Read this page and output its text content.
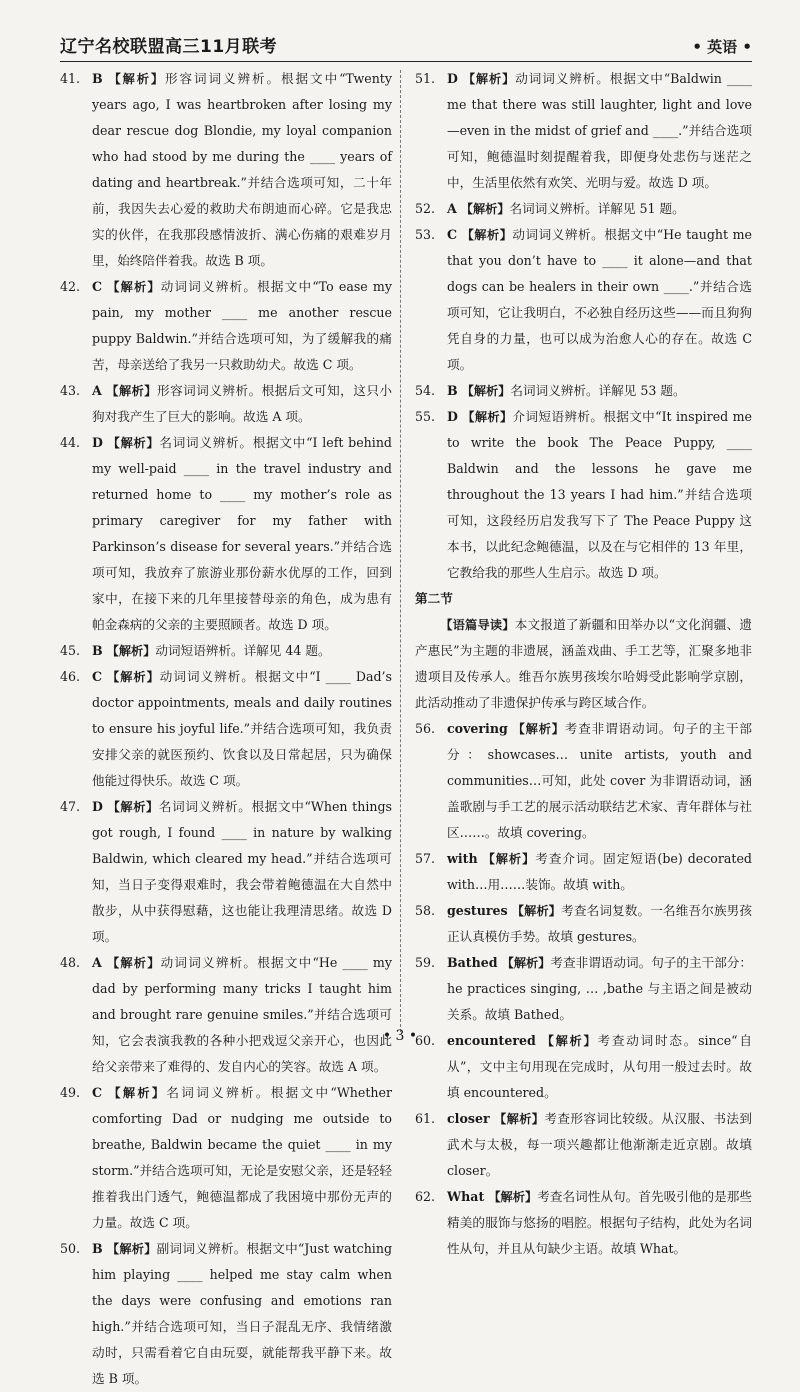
辽宁名校联盟高三11月联考	• 英语 •
41. B 【解析】形容词词义辨析。根据文中“Twenty years ago, I was heartbroken after losing my dear rescue dog Blondie, my loyal companion who had stood by me during the ____ years of dating and heartbreak.”并结合选项可知，二十年前，我因失去心爱的救助犬布朗迪而心碎。它是我忠实的伙伴，在我那段感情波折、满心伤痛的艰难岁月里，始终陪伴着我。故选 B 项。
42. C 【解析】动词词义辨析。根据文中“To ease my pain, my mother ____ me another rescue puppy Baldwin.”并结合选项可知，为了缓解我的痛苦，母亲送给了我另一只救助幼犬。故选 C 项。
43. A 【解析】形容词词义辨析。根据后文可知，这只小狗对我产生了巨大的影响。故选 A 项。
44. D 【解析】名词词义辨析。根据文中“I left behind my well-paid ____ in the travel industry and returned home to ____ my mother’s role as primary caregiver for my father with Parkinson’s disease for several years.”并结合选项可知，我放弃了旅游业那份薪水优厚的工作，回到家中，在接下来的几年里接替母亲的角色，成为患有帕金森病的父亲的主要照顾者。故选 D 项。
45. B 【解析】动词短语辨析。详解见 44 题。
46. C 【解析】动词词义辨析。根据文中“I ____ Dad’s doctor appointments, meals and daily routines to ensure his joyful life.”并结合选项可知，我负责安排父亲的就医预约、饮食以及日常起居，只为确保他能过得快乐。故选 C 项。
47. D 【解析】名词词义辨析。根据文中“When things got rough, I found ____ in nature by walking Baldwin, which cleared my head.”并结合选项可知，当日子变得艰难时，我会带着鲍德温在大自然中散步，从中获得慰藉，这也能让我理清思绪。故选 D 项。
48. A 【解析】动词词义辨析。根据文中“He ____ my dad by performing many tricks I taught him and brought rare genuine smiles.”并结合选项可知，它会表演我教的各种小把戏逗父亲开心，也因此给父亲带来了难得的、发自内心的笑容。故选 A 项。
49. C 【解析】名词词义辨析。根据文中“Whether comforting Dad or nudging me outside to breathe, Baldwin became the quiet ____ in my storm.”并结合选项可知，无论是安慰父亲，还是轻轻推着我出门透气，鲍德温都成了我困境中那份无声的力量。故选 C 项。
50. B 【解析】副词词义辨析。根据文中“Just watching him playing ____ helped me stay calm when the days were confusing and emotions ran high.”并结合选项可知，当日子混乱无序、我情绪激动时，只需看着它自由玩耍，就能帮我平静下来。故选 B 项。
51. D 【解析】动词词义辨析。根据文中“Baldwin ____ me that there was still laughter, light and love—even in the midst of grief and ____.”并结合选项可知，鲍德温时刻提醒着我，即便身处悲伤与迷茫之中，生活里依然有欢笑、光明与爱。故选 D 项。
52. A 【解析】名词词义辨析。详解见 51 题。
53. C 【解析】动词词义辨析。根据文中“He taught me that you don’t have to ____ it alone—and that dogs can be healers in their own ____.”并结合选项可知，它让我明白，不必独自经历这些——而且狗狗凭自身的力量，也可以成为治愈人心的存在。故选 C 项。
54. B 【解析】名词词义辨析。详解见 53 题。
55. D 【解析】介词短语辨析。根据文中“It inspired me to write the book The Peace Puppy, ____ Baldwin and the lessons he gave me throughout the 13 years I had him.”并结合选项可知，这段经历启发我写下了 The Peace Puppy 这本书，以此纪念鲍德温，以及在与它相伴的 13 年里，它教给我的那些人生启示。故选 D 项。
第二节
【语篇导读】本文报道了新疆和田举办以“文化润疆、遗产惠民”为主题的非遗展，涵盖戏曲、手工艺等，汇聚多地非遗项目及传承人。维吾尔族男孩埃尔哈姆受此影响学京剧，此活动推动了非遗保护传承与跨区域合作。
56. covering 【解析】考查非谓语动词。句子的主干部分：showcases… unite artists, youth and communities…可知，此处 cover 为非谓语动词，涵盖歌剧与手工艺的展示活动联结艺术家、青年群体与社区……。故填 covering。
57. with 【解析】考查介词。固定短语(be) decorated with…用……装饰。故填 with。
58. gestures 【解析】考查名词复数。一名维吾尔族男孩正认真模仿手势。故填 gestures。
59. Bathed 【解析】考查非谓语动词。句子的主干部分：he practices singing, … ,bathe 与主语之间是被动关系。故填 Bathed。
60. encountered 【解析】考查动词时态。since“自从”，文中主句用现在完成时，从句用一般过去时。故填 encountered。
61. closer 【解析】考查形容词比较级。从汉服、书法到武术与太极，每一项兴趣都让他渐渐走近京剧。故填 closer。
62. What 【解析】考查名词性从句。首先吸引他的是那些精美的服饰与悠扬的唱腔。根据句子结构，此处为名词性从句，并且从句缺少主语。故填 What。
• 3 •
